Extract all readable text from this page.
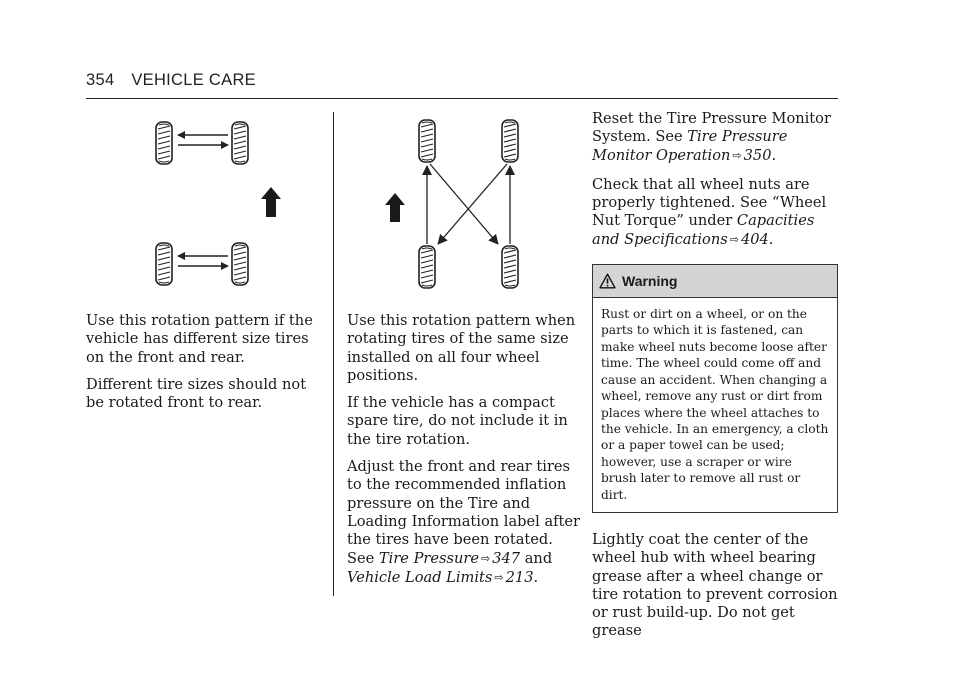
354 VEHICLE CARE

Use this rotation pattern if the vehicle has different size tires on the front and rear.

Different tire sizes should not be rotated front to rear.

Use this rotation pattern when rotating tires of the same size installed on all four wheel positions.

If the vehicle has a compact spare tire, do not include it in the tire rotation.

Adjust the front and rear tires to the recommended inflation pressure on the Tire and Loading Information label after the tires have been rotated.
See Tire Pressure ⇨ 347 and Vehicle Load Limits ⇨ 213.

Reset the Tire Pressure Monitor System. See Tire Pressure Monitor Operation ⇨ 350.

Check that all wheel nuts are properly tightened. See “Wheel Nut Torque” under Capacities and Specifications ⇨ 404.

Warning
Rust or dirt on a wheel, or on the parts to which it is fastened, can make wheel nuts become loose after time. The wheel could come off and cause an accident. When changing a wheel, remove any rust or dirt from places where the wheel attaches to the vehicle. In an emergency, a cloth or a paper towel can be used; however, use a scraper or wire brush later to remove all rust or dirt.

Lightly coat the center of the wheel hub with wheel bearing grease after a wheel change or tire rotation to prevent corrosion or rust build-up. Do not get grease
